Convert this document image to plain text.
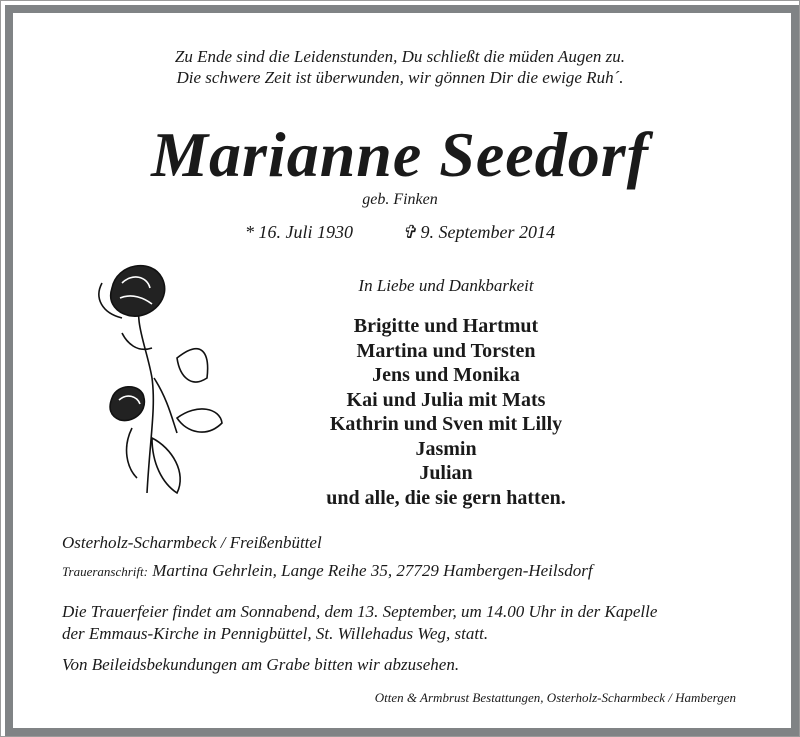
Zu Ende sind die Leidenstunden, Du schließt die müden Augen zu.
Die schwere Zeit ist überwunden, wir gönnen Dir die ewige Ruh´.
Marianne Seedorf
geb. Finken
* 16. Juli 1930	✞ 9. September 2014
In Liebe und Dankbarkeit
Brigitte und Hartmut
Martina und Torsten
Jens und Monika
Kai und Julia mit Mats
Kathrin und Sven mit Lilly
Jasmin
Julian
und alle, die sie gern hatten.
Osterholz-Scharmbeck / Freißenbüttel
Traueranschrift: Martina Gehrlein, Lange Reihe 35, 27729 Hambergen-Heilsdorf
Die Trauerfeier findet am Sonnabend, dem 13. September, um 14.00 Uhr in der Kapelle
der Emmaus-Kirche in Pennigbüttel, St. Willehadus Weg, statt.
Von Beileidsbekundungen am Grabe bitten wir abzusehen.
Otten & Armbrust Bestattungen, Osterholz-Scharmbeck / Hambergen
